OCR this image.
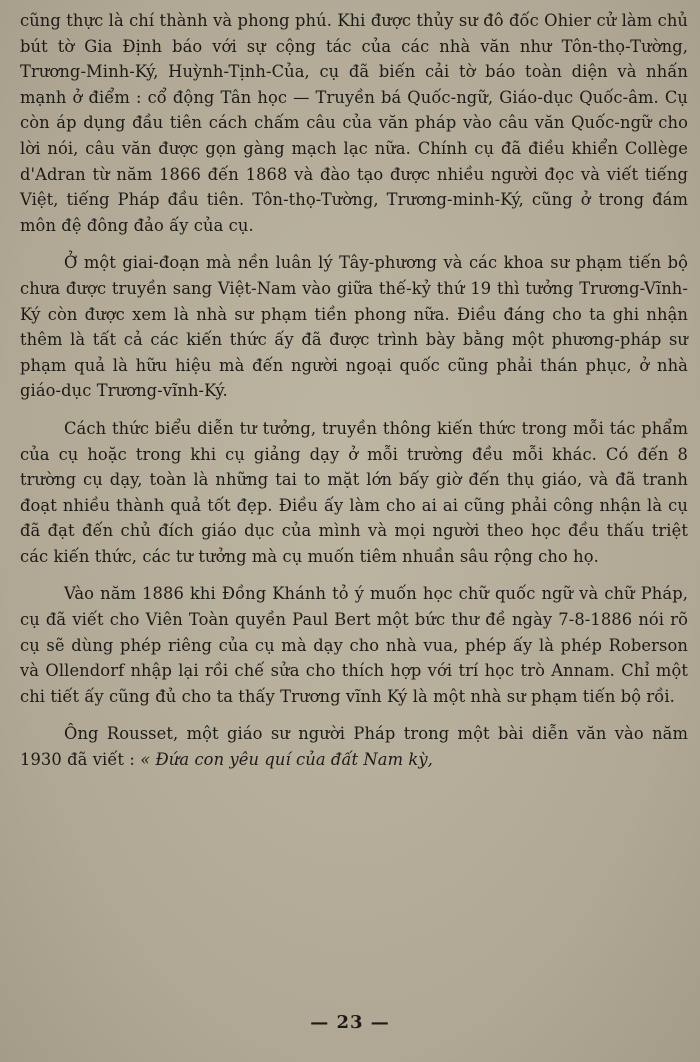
cũng thực là chí thành và phong phú. Khi được thủy sư đô đốc Ohier cử làm chủ bút tờ Gia Định báo với sự cộng tác của các nhà văn như Tôn-thọ-Tường, Trương-Minh-Ký, Huỳnh-Tịnh-Của, cụ đã biến cải tờ báo toàn diện và nhấn mạnh ở điểm : cổ động Tân học — Truyền bá Quốc-ngữ, Giáo-dục Quốc-âm. Cụ còn áp dụng đầu tiên cách chấm câu của văn pháp vào câu văn Quốc-ngữ cho lời nói, câu văn được gọn gàng mạch lạc nữa. Chính cụ đã điều khiển Collège d'Adran từ năm 1866 đến 1868 và đào tạo được nhiều người đọc và viết tiếng Việt, tiếng Pháp đầu tiên. Tôn-thọ-Tường, Trương-minh-Ký, cũng ở trong đám môn đệ đông đảo ấy của cụ.

Ở một giai-đoạn mà nền luân lý Tây-phương và các khoa sư phạm tiến bộ chưa được truyền sang Việt-Nam vào giữa thế-kỷ thứ 19 thì tưởng Trương-Vĩnh-Ký còn được xem là nhà sư phạm tiền phong nữa. Điều đáng cho ta ghi nhận thêm là tất cả các kiến thức ấy đã được trình bày bằng một phương-pháp sư phạm quả là hữu hiệu mà đến người ngoại quốc cũng phải thán phục, ở nhà giáo-dục Trương-vĩnh-Ký.

Cách thức biểu diễn tư tưởng, truyền thông kiến thức trong mỗi tác phẩm của cụ hoặc trong khi cụ giảng dạy ở mỗi trường đều mỗi khác. Có đến 8 trường cụ dạy, toàn là những tai to mặt lớn bấy giờ đến thụ giáo, và đã tranh đoạt nhiều thành quả tốt đẹp. Điều ấy làm cho ai ai cũng phải công nhận là cụ đã đạt đến chủ đích giáo dục của mình và mọi người theo học đều thấu triệt các kiến thức, các tư tưởng mà cụ muốn tiêm nhuần sâu rộng cho họ.

Vào năm 1886 khi Đồng Khánh tỏ ý muốn học chữ quốc ngữ và chữ Pháp, cụ đã viết cho Viên Toàn quyền Paul Bert một bức thư đề ngày 7-8-1886 nói rõ cụ sẽ dùng phép riêng của cụ mà dạy cho nhà vua, phép ấy là phép Roberson và Ollendorf nhập lại rồi chế sửa cho thích hợp với trí học trò Annam. Chỉ một chi tiết ấy cũng đủ cho ta thấy Trương vĩnh Ký là một nhà sư phạm tiến bộ rồi.

Ông Rousset, một giáo sư người Pháp trong một bài diễn văn vào năm 1930 đã viết : « Đứa con yêu quí của đất Nam kỳ,

— 23 —
